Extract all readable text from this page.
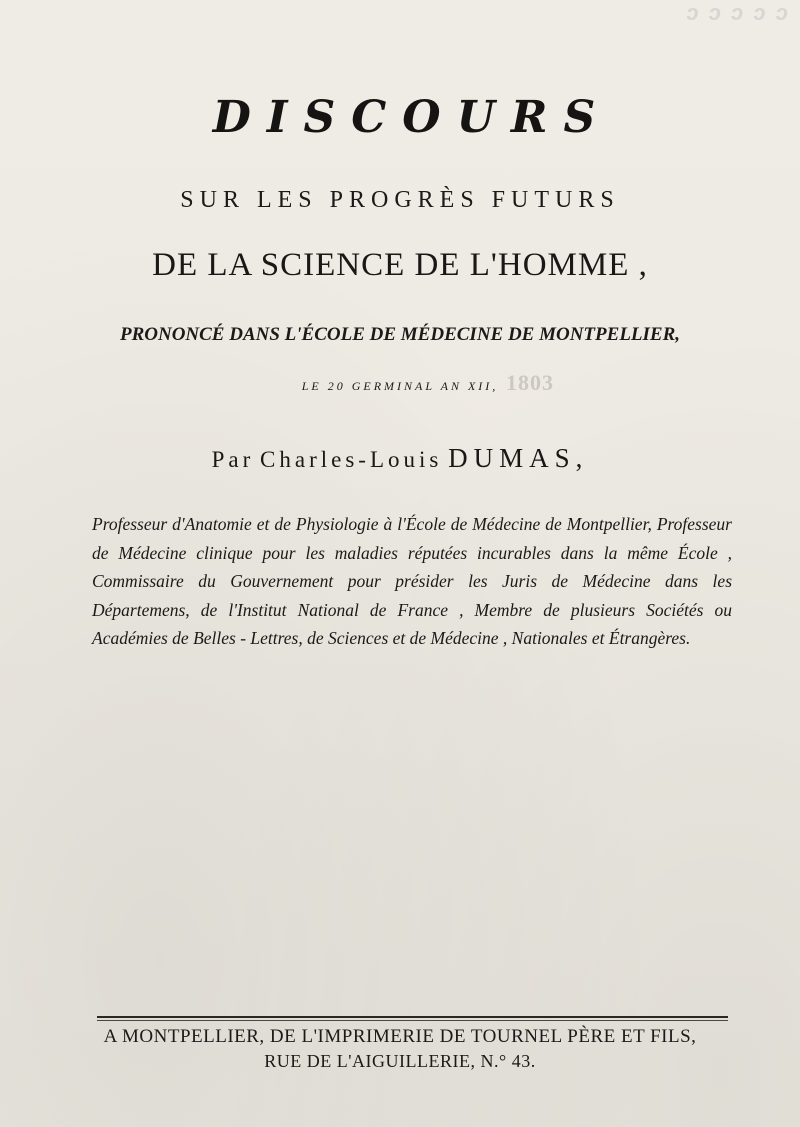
ɔ ɔ ɔ ɔ ɔ
DISCOURS
SUR LES PROGRÈS FUTURS
DE LA SCIENCE DE L'HOMME ,
PRONONCÉ DANS L'ÉCOLE DE MÉDECINE DE MONTPELLIER,
LE 20 GERMINAL AN XII, 1803
Par Charles-Louis DUMAS,
Professeur d'Anatomie et de Physiologie à l'École de Médecine de Montpellier, Professeur de Médecine clinique pour les maladies réputées incurables dans la même École , Commissaire du Gouvernement pour présider les Juris de Médecine dans les Départemens, de l'Institut National de France , Membre de plusieurs Sociétés ou Académies de Belles - Lettres, de Sciences et de Médecine , Nationales et Étrangères.
A MONTPELLIER, DE L'IMPRIMERIE DE TOURNEL PÈRE ET FILS,
RUE DE L'AIGUILLERIE, N.° 43.
